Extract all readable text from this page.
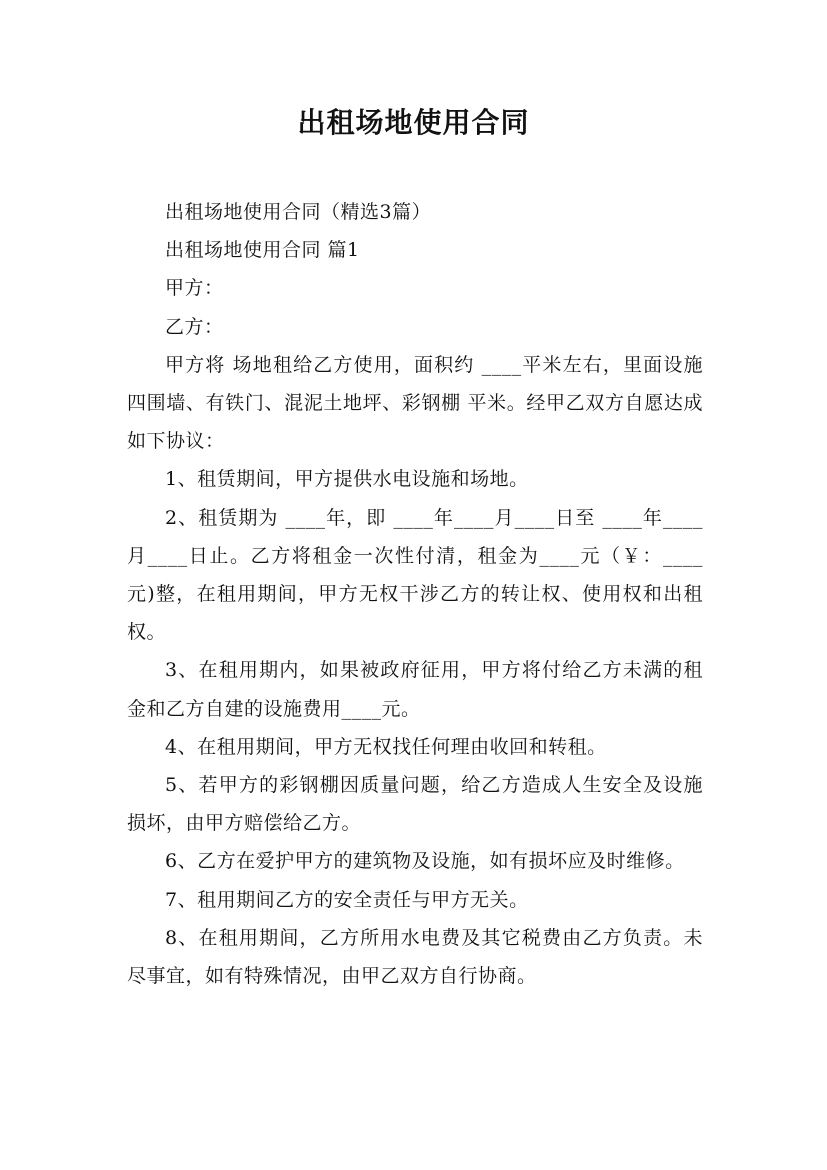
出租场地使用合同

出租场地使用合同（精选3篇）

出租场地使用合同 篇1

甲方：

乙方：

甲方将 场地租给乙方使用，面积约 ____平米左右，里面设施四围墙、有铁门、混泥土地坪、彩钢棚 平米。经甲乙双方自愿达成如下协议：

1、租赁期间，甲方提供水电设施和场地。

2、租赁期为 ____年，即 ____年____月____日至 ____年____月____日止。乙方将租金一次性付清，租金为____元（￥：____元)整，在租用期间，甲方无权干涉乙方的转让权、使用权和出租权。

3、在租用期内，如果被政府征用，甲方将付给乙方未满的租金和乙方自建的设施费用____元。

4、在租用期间，甲方无权找任何理由收回和转租。

5、若甲方的彩钢棚因质量问题，给乙方造成人生安全及设施损坏，由甲方赔偿给乙方。

6、乙方在爱护甲方的建筑物及设施，如有损坏应及时维修。

7、租用期间乙方的安全责任与甲方无关。

8、在租用期间，乙方所用水电费及其它税费由乙方负责。未尽事宜，如有特殊情况，由甲乙双方自行协商。
